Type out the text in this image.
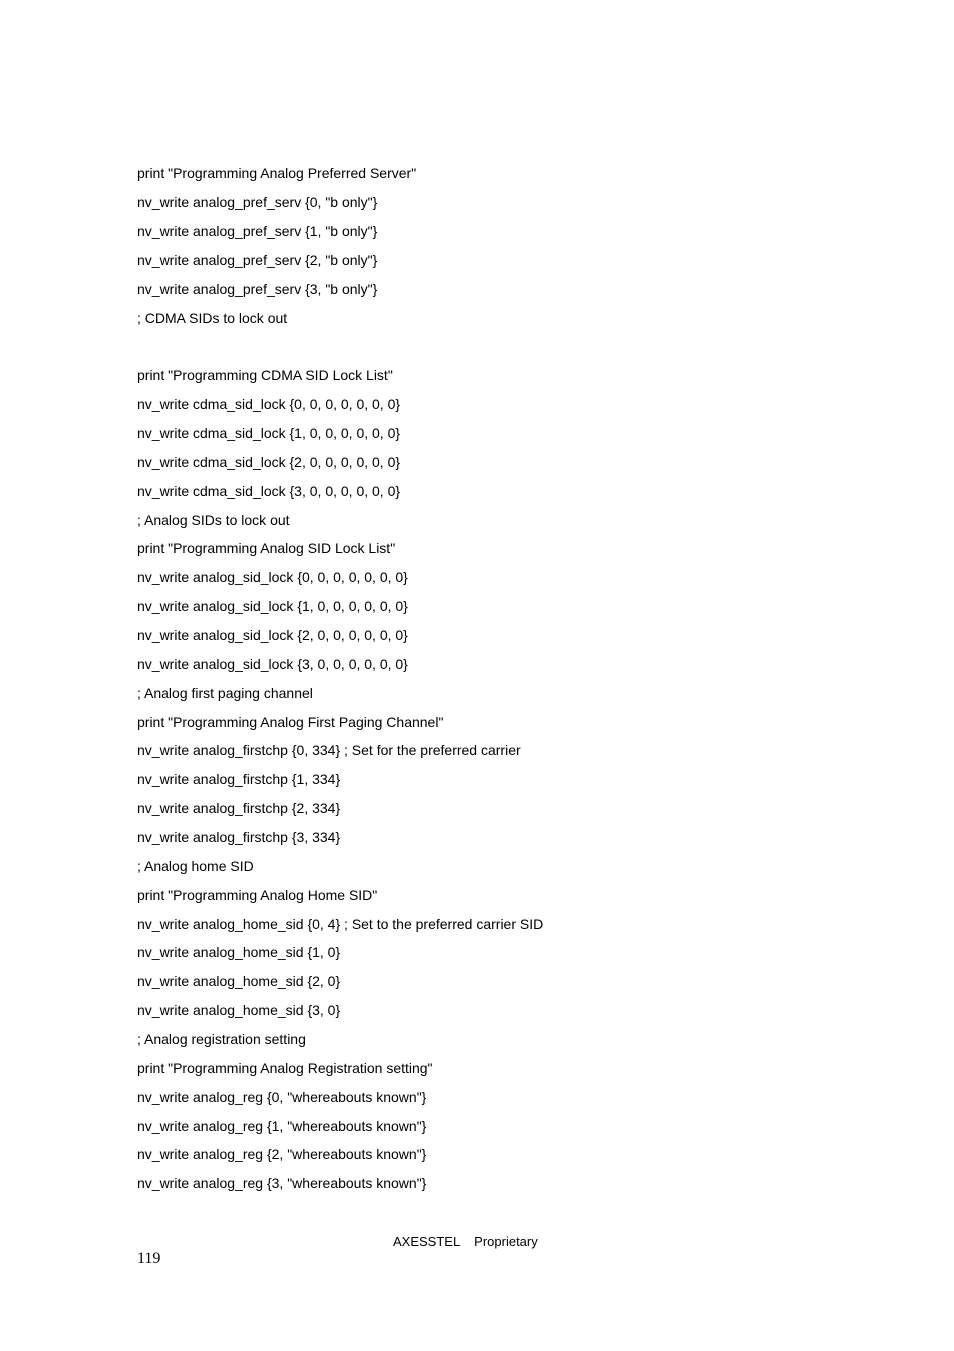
print "Programming Analog Preferred Server"
nv_write analog_pref_serv {0, "b only"}
nv_write analog_pref_serv {1, "b only"}
nv_write analog_pref_serv {2, "b only"}
nv_write analog_pref_serv {3, "b only"}
; CDMA SIDs to lock out
print "Programming CDMA SID Lock List"
nv_write cdma_sid_lock {0, 0, 0, 0, 0, 0, 0}
nv_write cdma_sid_lock {1, 0, 0, 0, 0, 0, 0}
nv_write cdma_sid_lock {2, 0, 0, 0, 0, 0, 0}
nv_write cdma_sid_lock {3, 0, 0, 0, 0, 0, 0}
; Analog SIDs to lock out
print "Programming Analog SID Lock List"
nv_write analog_sid_lock {0, 0, 0, 0, 0, 0, 0}
nv_write analog_sid_lock {1, 0, 0, 0, 0, 0, 0}
nv_write analog_sid_lock {2, 0, 0, 0, 0, 0, 0}
nv_write analog_sid_lock {3, 0, 0, 0, 0, 0, 0}
; Analog first paging channel
print "Programming Analog First Paging Channel"
nv_write analog_firstchp {0, 334} ; Set for the preferred carrier
nv_write analog_firstchp {1, 334}
nv_write analog_firstchp {2, 334}
nv_write analog_firstchp {3, 334}
; Analog home SID
print "Programming Analog Home SID"
nv_write analog_home_sid {0, 4} ; Set to the preferred carrier SID
nv_write analog_home_sid {1, 0}
nv_write analog_home_sid {2, 0}
nv_write analog_home_sid {3, 0}
; Analog registration setting
print "Programming Analog Registration setting"
nv_write analog_reg {0, "whereabouts known"}
nv_write analog_reg {1, "whereabouts known"}
nv_write analog_reg {2, "whereabouts known"}
nv_write analog_reg {3, "whereabouts known"}
AXESSTEL    Proprietary
119
